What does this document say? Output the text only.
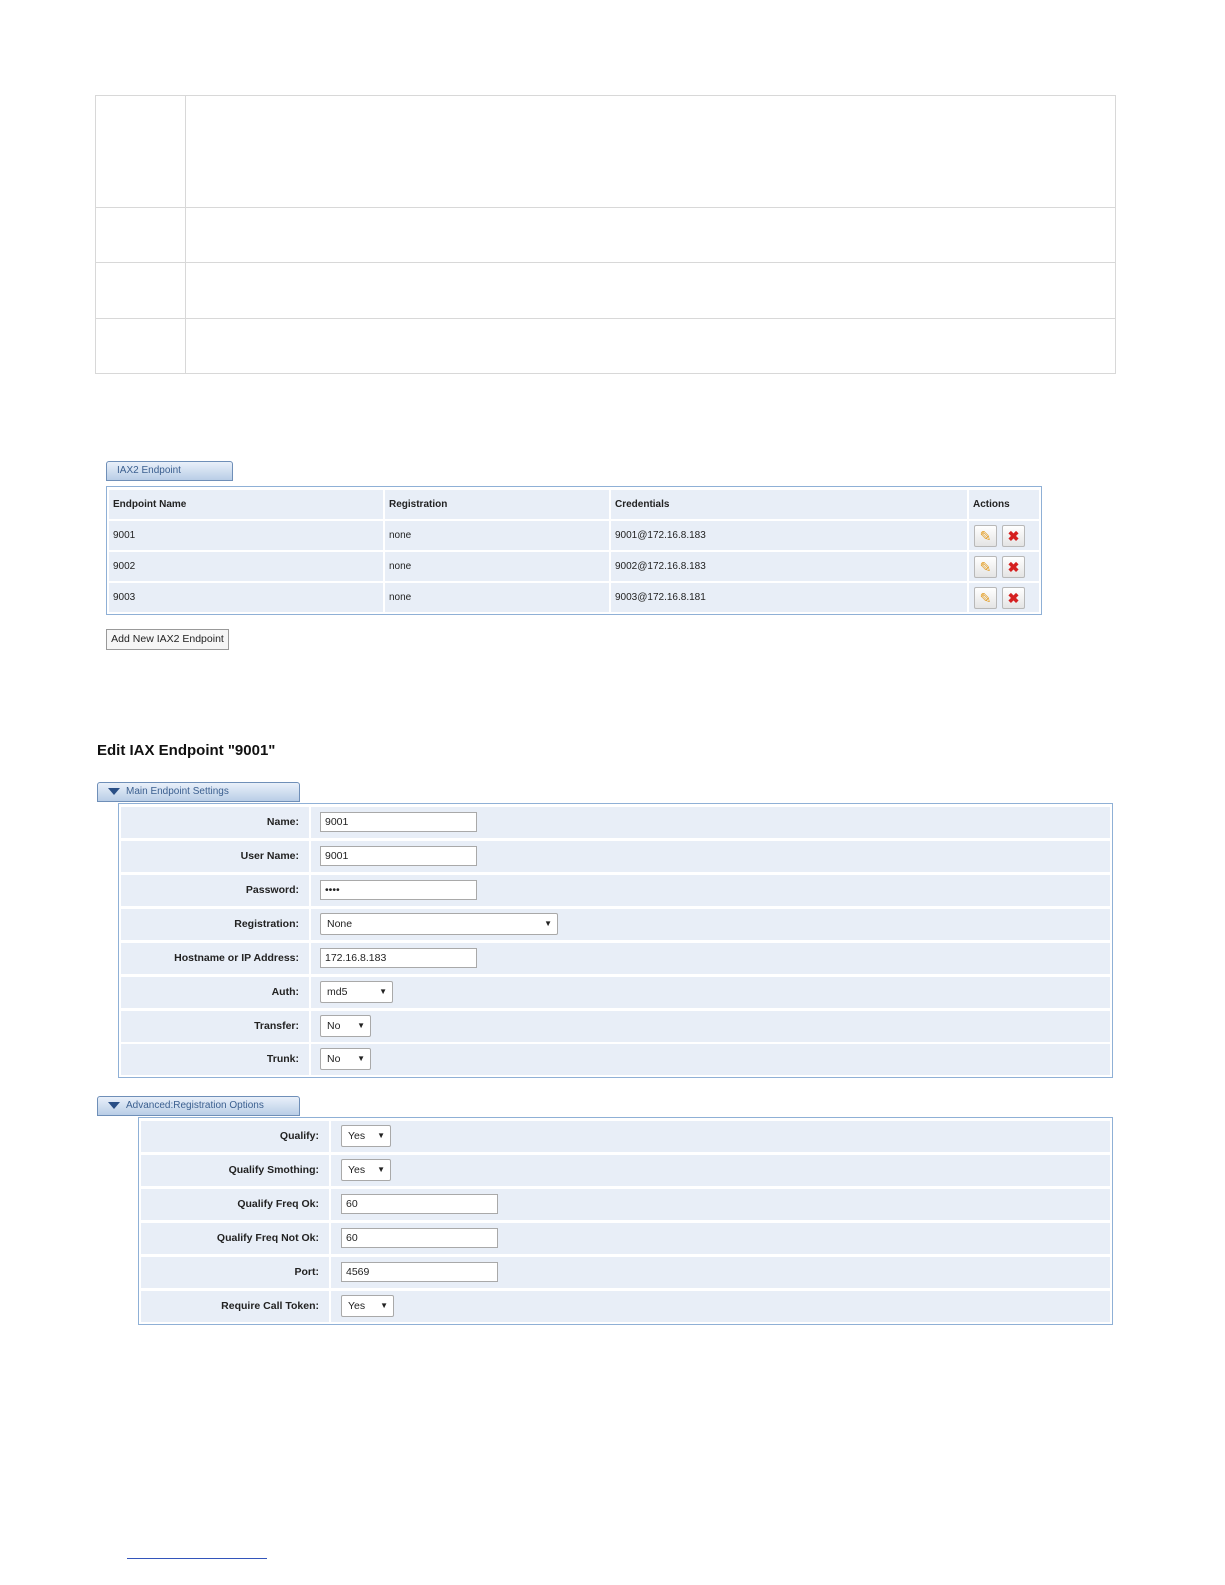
IAX2 Endpoint
Endpoint Name	Registration	Credentials	Actions
9001	none	9001@172.16.8.183	✎	✖
9002	none	9002@172.16.8.183	✎	✖
9003	none	9003@172.16.8.181	✎	✖
Add New IAX2 Endpoint
Edit IAX Endpoint "9001"
Main Endpoint Settings
Name:	9001
User Name:	9001
Password:	••••
Registration:	None	▼
Hostname or IP Address:	172.16.8.183
Auth:	md5	▼
Transfer:	No ▼
Trunk:	No ▼
Advanced:Registration Options
Qualify:	Yes ▼
Qualify Smothing:	Yes ▼
Qualify Freq Ok:	60
Qualify Freq Not Ok:	60
Port:	4569
Require Call Token:	Yes ▼
